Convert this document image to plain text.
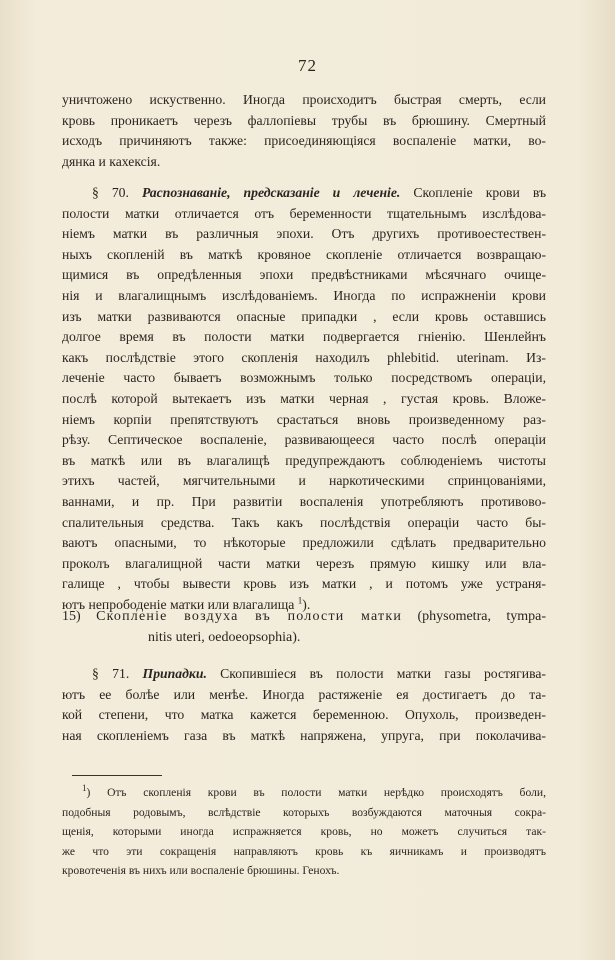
72
уничтожено искуственно. Иногда происходитъ быстрая смерть, если
кровь проникаетъ черезъ фаллопіевы трубы въ брюшину. Смертный
исходъ причиняютъ также: присоединяющіяся воспаленіе матки, во-
дянка и кахексія.
§ 70. Распознаваніе, предсказаніе и леченіе. Скопленіе крови въ
полости матки отличается отъ беременности тщательнымъ изслѣдова-
ніемъ матки въ различныя эпохи. Отъ другихъ противоестествен-
ныхъ скопленій въ маткѣ кровяное скопленіе отличается возвращаю-
щимися въ опредѣленныя эпохи предвѣстниками мѣсячнаго очище-
нія и влагалищнымъ изслѣдованіемъ. Иногда по испражненіи крови
изъ матки развиваются опасные припадки , если кровь оставшись
долгое время въ полости матки подвергается гніенію. Шенлейнъ
какъ послѣдствіе этого скопленія находилъ phlebitid. uterinam. Из-
леченіе часто бываетъ возможнымъ только посредствомъ операціи,
послѣ которой вытекаетъ изъ матки черная , густая кровь. Вложе-
ніемъ корпіи препятствуютъ срастаться вновь произведенному раз-
рѣзу. Септическое воспаленіе, развивающееся часто послѣ операціи
въ маткѣ или въ влагалищѣ предупреждаютъ соблюденіемъ чистоты
этихъ частей, мягчительными и наркотическими спринцованіями,
ваннами, и пр. При развитіи воспаленія употребляютъ противово-
спалительныя средства. Такъ какъ послѣдствія операціи часто бы-
ваютъ опасными, то нѣкоторые предложили сдѣлать предварительно
проколъ влагалищной части матки черезъ прямую кишку или вла-
галище , чтобы вывести кровь изъ матки , и потомъ уже устраня-
ютъ непрободеніе матки или влагалища $^1$).
15) Скопленіе воздуха въ полости матки (physometra, tympa-
nitis uteri, oedoeopsophia).
§ 71. Припадки. Скопившіеся въ полости матки газы ростягива-
ютъ ее болѣе или менѣе. Иногда растяженіе ея достигаетъ до та-
кой степени, что матка кажется беременною. Опухоль, произведен-
ная скопленіемъ газа въ маткѣ напряжена, упруга, при поколачива-
$^1$) Отъ скопленія крови въ полости матки нерѣдко происходятъ боли,
подобныя родовымъ, вслѣдствіе которыхъ возбуждаются маточныя сокра-
щенія, которыми иногда испражняется кровь, но можетъ случиться так-
же что эти сокращенія направляютъ кровь къ яичникамъ и производятъ
кровотеченія въ нихъ или воспаленіе брюшины. Генохъ.
